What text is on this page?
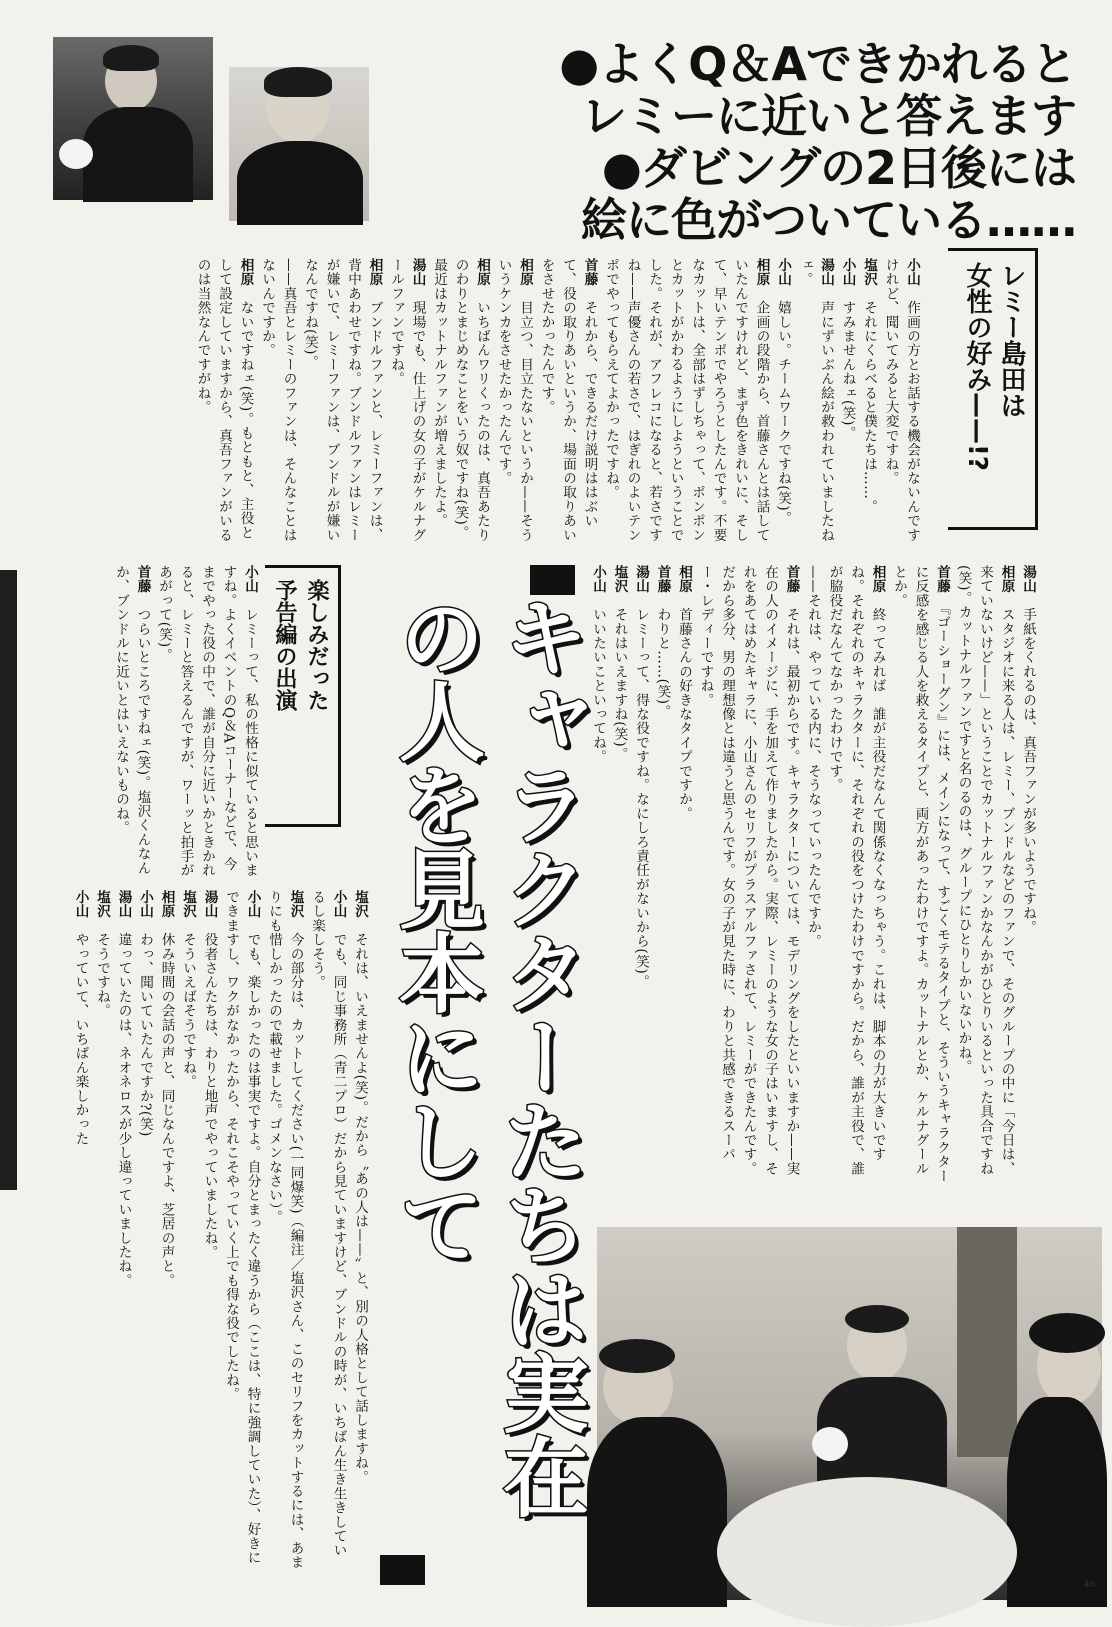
●よくQ＆Aできかれると
レミーに近いと答えます
●ダビングの2日後には
絵に色がついている……

小山　作画の方とお話する機会がないんですけれど、聞いてみると大変ですね。

塩沢　それにくらべると僕たちは……。

小山　すみませんねェ(笑)。

湯山　声にずいぶん絵が救われていましたねェ。

小山　嬉しい。チームワークですね(笑)。

相原　企画の段階から、首藤さんとは話していたんですけれど、まず色をきれいに、そして、早いテンポでやろうとしたんです。不要なカットは、全部はずしちゃって、ポンポンとカットがかわるようにしようということでした。それが、アフレコになると、若さですね——声優さんの若さで、はぎれのよいテンポでやってもらえてよかったですね。

首藤　それから、できるだけ説明ははぶいて、役の取りあいというか、場面の取りあいをさせたかったんです。

相原　目立つ、目立たないというか——そういうケンカをさせたかったんです。

相原　いちばんワリくったのは、真吾あたりのわりとまじめなことをいう奴ですね(笑)。最近はカットナルファンが増えましたよ。

湯山　現場でも、仕上げの女の子がケルナグールファンですね。

相原　ブンドルファンと、レミーファンは、背中あわせですね。ブンドルファンはレミーが嫌いで、レミーファンは、ブンドルが嫌いなんですね(笑)。

——真吾とレミーのファンは、そんなことはないんですか。

相原　ないですねェ(笑)。もともと、主役として設定していますから、真吾ファンがいるのは当然なんですがね。	レミー島田は
女性の好み——!?
楽しみだった
予告編の出演	キャラクターたちは実在の人を見本にして

湯山　手紙をくれるのは、真吾ファンが多いようですね。

相原　スタジオに来る人は、レミー、ブンドルなどのファンで、そのグループの中に「今日は、来ていないけど——」ということでカットナルファンかなんかがひとりいるといった具合ですね(笑)。カットナルファンですと名のるのは、グループにひとりしかいないかね。

首藤　『ゴーショーグン』には、メインになって、すごくモテるタイプと、そういうキャラクターに反感を感じる人を救えるタイプと、両方があったわけですよ。カットナルとか、ケルナグールとか。

相原　終ってみれば　誰が主役だなんて関係なくなっちゃう。これは、脚本の力が大きいですね。それぞれのキャラクターに、それぞれの役をつけたわけですから。だから、誰が主役で、誰が脇役だなんてなかったわけです。

——それは、やっている内に、そうなっていったんですか。

首藤　それは、最初からです。キャラクターについては、モデリングをしたといいますか——実在の人のイメージに、手を加えて作りましたから。実際、レミーのような女の子はいますし、それをあてはめたキャラに、小山さんのセリフがプラスアルファされて、レミーができたんです。だから多分、男の理想像とは違うと思うんです。女の子が見た時に、わりと共感できるスーパー・レディーですね。

相原　首藤さんの好きなタイプですか。

首藤　わりと……(笑)。

湯山　レミーって、得な役ですね。なにしろ責任がないから(笑)。

塩沢　それはいえますね(笑)。

小山　いいたいこといってね。

小山　レミーって、私の性格に似ていると思いますね。よくイベントのQ＆Aコーナーなどで、今までやった役の中で、誰が自分に近いかときかれると、レミーと答えるんですが、ワーッと拍手があがって(笑)。

首藤　つらいところですねェ(笑)。塩沢くんなんか、ブンドルに近いとはいえないものね。

塩沢　それは、いえませんよ(笑)。だから〝あの人は——〟と、別の人格として話しますね。

小山　でも、同じ事務所（青二プロ）だから見ていますけど、ブンドルの時が、いちばん生き生きしているし楽しそう。

塩沢　今の部分は、カットしてください(一同爆笑)（編注／塩沢さん、このセリフをカットするには、あまりにも惜しかったので載せました。ゴメンなさい）。

小山　でも、楽しかったのは事実ですよ。自分とまったく違うから（ここは、特に強調していた）、好きにできますし、ワクがなかったから、それこそやっていく上でも得な役でしたね。

湯山　役者さんたちは、わりと地声でやっていましたね。

塩沢　そういえばそうですね。

相原　休み時間の会話の声と、同じなんですよ、芝居の声と。

小山　わっ、聞いていたんですか?(笑)

湯山　違っていたのは、ネオネロスが少し違っていましたね。

塩沢　そうですね。

小山　やっていて、いちばん楽しかった

46
